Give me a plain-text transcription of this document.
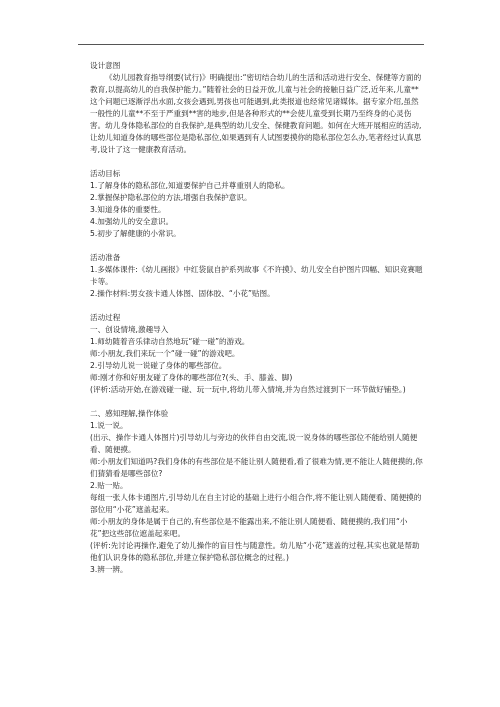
设计意图

《幼儿园教育指导纲要(试行)》明确提出:“密切结合幼儿的生活和活动进行安全、保健等方面的教育,以提高幼儿的自我保护能力。”随着社会的日益开放,儿童与社会的接触日益广泛,近年来,儿童**这个问题已逐渐浮出水面,女孩会遇到,男孩也可能遇到,此类报道也经常见诸媒体。据专家介绍,虽然一般性的儿童**不至于严重到**害的地步,但是各种形式的**会使儿童受到长期乃至终身的心灵伤害。幼儿身体隐私部位的自我保护,是典型的幼儿安全、保健教育问题。如何在大班开展相应的活动,让幼儿知道身体的哪些部位是隐私部位,如果遇到有人试图要摸你的隐私部位怎么办,笔者经过认真思考,设计了这一健康教育活动。

活动目标

1.了解身体的隐私部位,知道要保护自己并尊重别人的隐私。

2.掌握保护隐私部位的方法,增强自我保护意识。

3.知道身体的重要性。

4.加强幼儿的安全意识。

5.初步了解健康的小常识。

活动准备

1.多媒体课件:《幼儿画报》中红袋鼠自护系列故事《不许摸》、幼儿安全自护图片四幅、知识竞赛题卡等。

2.操作材料:男女孩卡通人体图、固体胶、“小花”贴图。

活动过程

一、创设情境,激趣导入

1.师幼随着音乐律动自然地玩“碰一碰”的游戏。

师:小朋友,我们来玩一个“碰一碰”的游戏吧。

2.引导幼儿说一说碰了身体的哪些部位。

师:刚才你和好朋友碰了身体的哪些部位?(头、手、膝盖、脚)

(评析:活动开始,在游戏碰一碰、玩一玩中,将幼儿带入情境,并为自然过渡到下一环节做好铺垫。)

二、感知理解,操作体验

1.说一说。

(出示、操作卡通人体图片)引导幼儿与旁边的伙伴自由交流,说一说身体的哪些部位不能给别人随便看、随便摸。

师:小朋友们知道吗?我们身体的有些部位是不能让别人随便看,看了很难为情,更不能让人随便摸的,你们猜猜看是哪些部位?

2.贴一贴。

每组一张人体卡通图片,引导幼儿在自主讨论的基础上进行小组合作,将不能让别人随便看、随便摸的部位用“小花”遮盖起来。

师:小朋友的身体是属于自己的,有些部位是不能露出来,不能让别人随便看、随便摸的,我们用“小花”把这些部位遮盖起来吧。

(评析:先讨论再操作,避免了幼儿操作的盲目性与随意性。幼儿贴“小花”遮盖的过程,其实也就是帮助他们认识身体的隐私部位,并建立保护隐私部位概念的过程。)

3.辨一辨。
